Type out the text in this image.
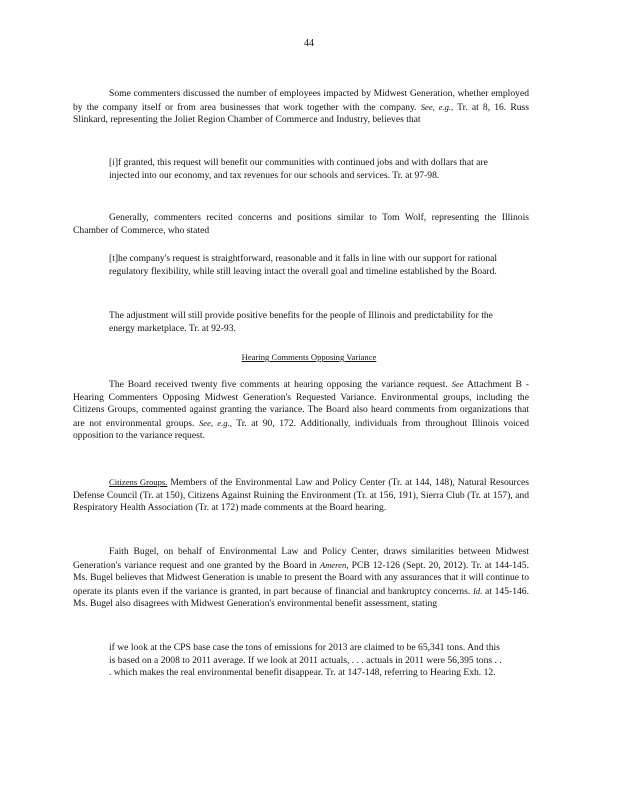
44

Some commenters discussed the number of employees impacted by Midwest Generation, whether employed by the company itself or from area businesses that work together with the company. See, e.g., Tr. at 8, 16. Russ Slinkard, representing the Joliet Region Chamber of Commerce and Industry, believes that

[i]f granted, this request will benefit our communities with continued jobs and with dollars that are injected into our economy, and tax revenues for our schools and services. Tr. at 97-98.

Generally, commenters recited concerns and positions similar to Tom Wolf, representing the Illinois Chamber of Commerce, who stated

[t]he company's request is straightforward, reasonable and it falls in line with our support for rational regulatory flexibility, while still leaving intact the overall goal and timeline established by the Board.

The adjustment will still provide positive benefits for the people of Illinois and predictability for the energy marketplace. Tr. at 92-93.

Hearing Comments Opposing Variance

The Board received twenty five comments at hearing opposing the variance request. See Attachment B - Hearing Commenters Opposing Midwest Generation's Requested Variance. Environmental groups, including the Citizens Groups, commented against granting the variance. The Board also heard comments from organizations that are not environmental groups. See, e.g., Tr. at 90, 172. Additionally, individuals from throughout Illinois voiced opposition to the variance request.

Citizens Groups. Members of the Environmental Law and Policy Center (Tr. at 144, 148), Natural Resources Defense Council (Tr. at 150), Citizens Against Ruining the Environment (Tr. at 156, 191), Sierra Club (Tr. at 157), and Respiratory Health Association (Tr. at 172) made comments at the Board hearing.

Faith Bugel, on behalf of Environmental Law and Policy Center, draws similarities between Midwest Generation's variance request and one granted by the Board in Ameren, PCB 12-126 (Sept. 20, 2012). Tr. at 144-145. Ms. Bugel believes that Midwest Generation is unable to present the Board with any assurances that it will continue to operate its plants even if the variance is granted, in part because of financial and bankruptcy concerns. Id. at 145-146. Ms. Bugel also disagrees with Midwest Generation's environmental benefit assessment, stating

if we look at the CPS base case the tons of emissions for 2013 are claimed to be 65,341 tons. And this is based on a 2008 to 2011 average. If we look at 2011 actuals, . . . actuals in 2011 were 56,395 tons . . . which makes the real environmental benefit disappear. Tr. at 147-148, referring to Hearing Exh. 12.
